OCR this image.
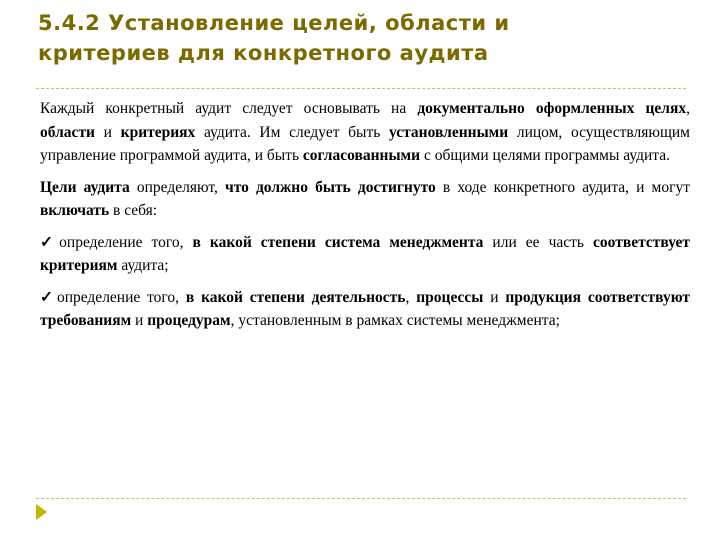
5.4.2 Установление целей, области и
критериев для конкретного аудита

Каждый конкретный аудит следует основывать на документально оформленных целях, области и критериях аудита. Им следует быть установленными лицом, осуществляющим управление программой аудита, и быть согласованными с общими целями программы аудита.

Цели аудита определяют, что должно быть достигнуто в ходе конкретного аудита, и могут включать в себя:

✓определение того, в какой степени система менеджмента или ее часть соответствует критериям аудита;

✓определение того, в какой степени деятельность, процессы и продукция соответствуют требованиям и процедурам, установленным в рамках системы менеджмента;
